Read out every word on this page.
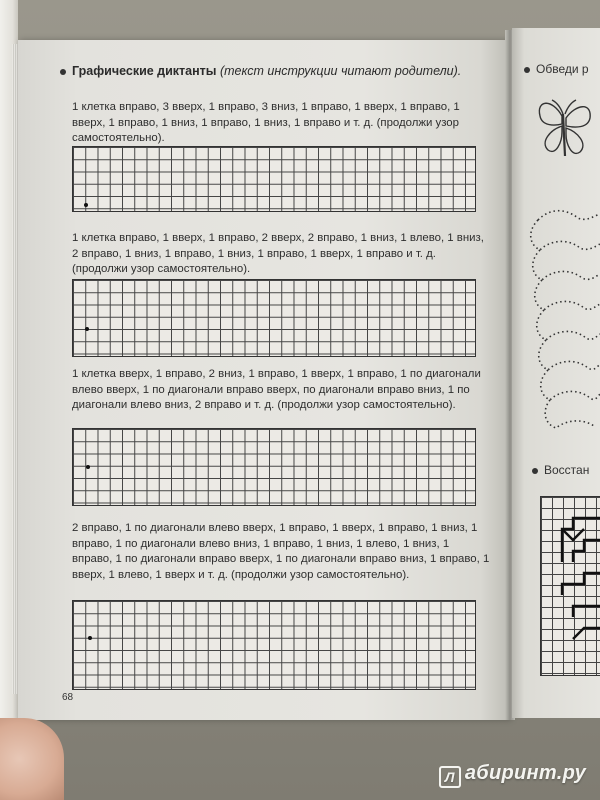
Графические диктанты (текст инструкции читают родители).
1 клетка вправо, 3 вверх, 1 вправо, 3 вниз, 1 вправо, 1 вверх, 1 вправо, 1 вверх, 1 вправо, 1 вниз, 1 вправо, 1 вниз, 1 вправо и т. д. (продолжи узор самостоятельно).
1 клетка вправо, 1 вверх, 1 вправо, 2 вверх, 2 вправо, 1 вниз, 1 влево, 1 вниз, 2 вправо, 1 вниз, 1 вправо, 1 вниз, 1 вправо, 1 вверх, 1 вправо и т. д. (продолжи узор самостоятельно).
1 клетка вверх, 1 вправо, 2 вниз, 1 вправо, 1 вверх, 1 вправо, 1 по диагонали влево вверх, 1 по диагонали вправо вверх, по диагонали вправо вниз, 1 по диагонали влево вниз, 2 вправо и т. д. (продолжи узор самостоятельно).
2 вправо, 1 по диагонали влево вверх, 1 вправо, 1 вверх, 1 вправо, 1 вниз, 1 вправо, 1 по диагонали влево вниз, 1 вправо, 1 вниз, 1 влево, 1 вниз, 1 вправо, 1 по диагонали вправо вверх, 1 по диагонали вправо вниз, 1 вправо, 1 вверх, 1 влево, 1 вверх и т. д. (продолжи узор самостоятельно).
68
Обведи р
Восстан
Л абиринт.ру
